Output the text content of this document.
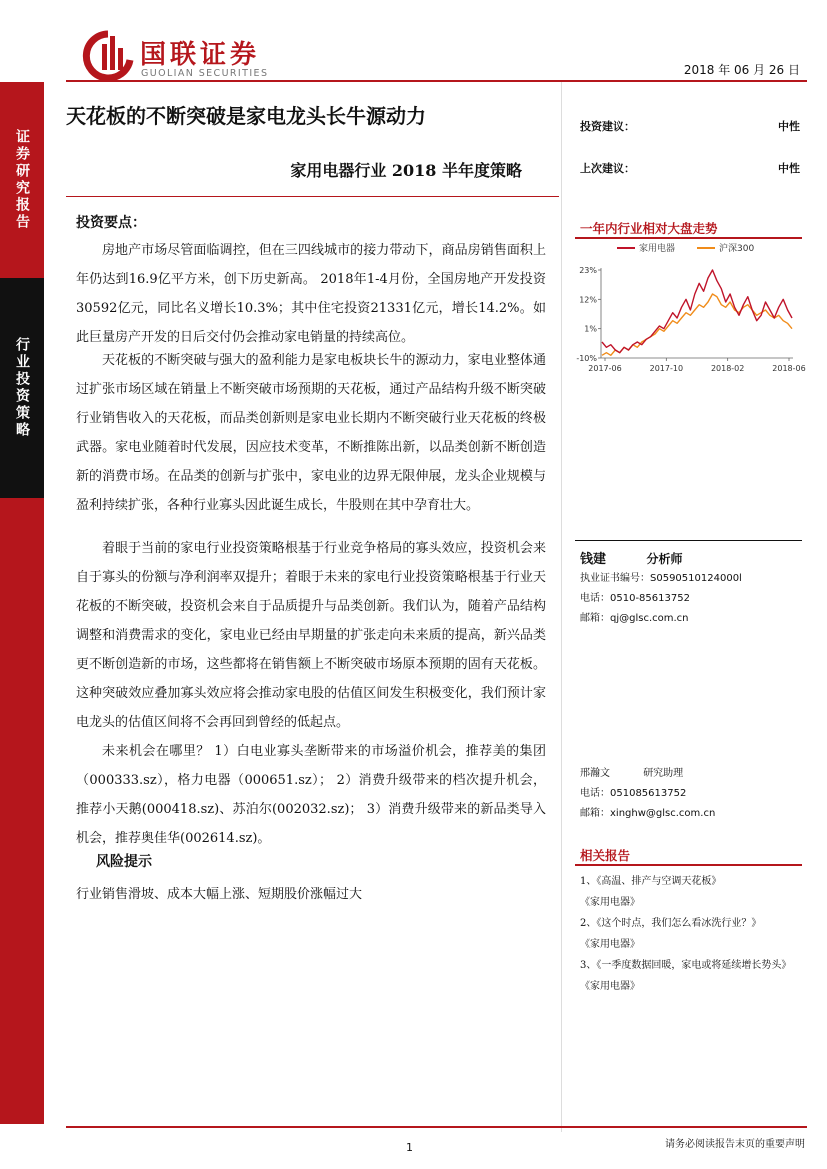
国联证券
GUOLIAN SECURITIES	2018 年 06 月 26 日
证券研究报告
行业投资策略
天花板的不断突破是家电龙头长牛源动力
家用电器行业 2018 半年度策略
投资建议：	中性
上次建议：	中性
一年内行业相对大盘走势
家用电器	沪深300
23%
12%
1%
-10%
2017-06	2017-10	2018-02	2018-06
钱建	分析师
执业证书编号：S0590510124000l
电话：0510-85613752
邮箱：qj@glsc.com.cn
邢瀚文	研究助理
电话：051085613752
邮箱：xinghw@glsc.com.cn
相关报告
1、《高温、排产与空调天花板》
《家用电器》
2、《这个时点，我们怎么看冰洗行业？》
《家用电器》
3、《一季度数据回暖，家电或将延续增长势头》
《家用电器》
投资要点：
房地产市场尽管面临调控，但在三四线城市的接力带动下，商品房销售面积上年仍达到16.9亿平方米，创下历史新高。 2018年1-4月份，全国房地产开发投资30592亿元，同比名义增长10.3%；其中住宅投资21331亿元，增长14.2%。如此巨量房产开发的日后交付仍会推动家电销量的持续高位。
天花板的不断突破与强大的盈利能力是家电板块长牛的源动力，家电业整体通过扩张市场区域在销量上不断突破市场预期的天花板，通过产品结构升级不断突破行业销售收入的天花板，而品类创新则是家电业长期内不断突破行业天花板的终极武器。家电业随着时代发展，因应技术变革，不断推陈出新，以品类创新不断创造新的消费市场。在品类的创新与扩张中，家电业的边界无限伸展，龙头企业规模与盈利持续扩张，各种行业寡头因此诞生成长，牛股则在其中孕育壮大。
着眼于当前的家电行业投资策略根基于行业竞争格局的寡头效应，投资机会来自于寡头的份额与净利润率双提升；着眼于未来的家电行业投资策略根基于行业天花板的不断突破，投资机会来自于品质提升与品类创新。我们认为，随着产品结构调整和消费需求的变化，家电业已经由早期量的扩张走向未来质的提高，新兴品类更不断创造新的市场，这些都将在销售额上不断突破市场原本预期的固有天花板。这种突破效应叠加寡头效应将会推动家电股的估值区间发生积极变化，我们预计家电龙头的估值区间将不会再回到曾经的低起点。
未来机会在哪里？ 1）白电业寡头垄断带来的市场溢价机会，推荐美的集团（000333.sz），格力电器（000651.sz）； 2）消费升级带来的档次提升机会，推荐小天鹅(000418.sz)、苏泊尔(002032.sz)； 3）消费升级带来的新品类导入机会，推荐奥佳华(002614.sz)。
风险提示
行业销售滑坡、成本大幅上涨、短期股价涨幅过大
1	请务必阅读报告末页的重要声明
